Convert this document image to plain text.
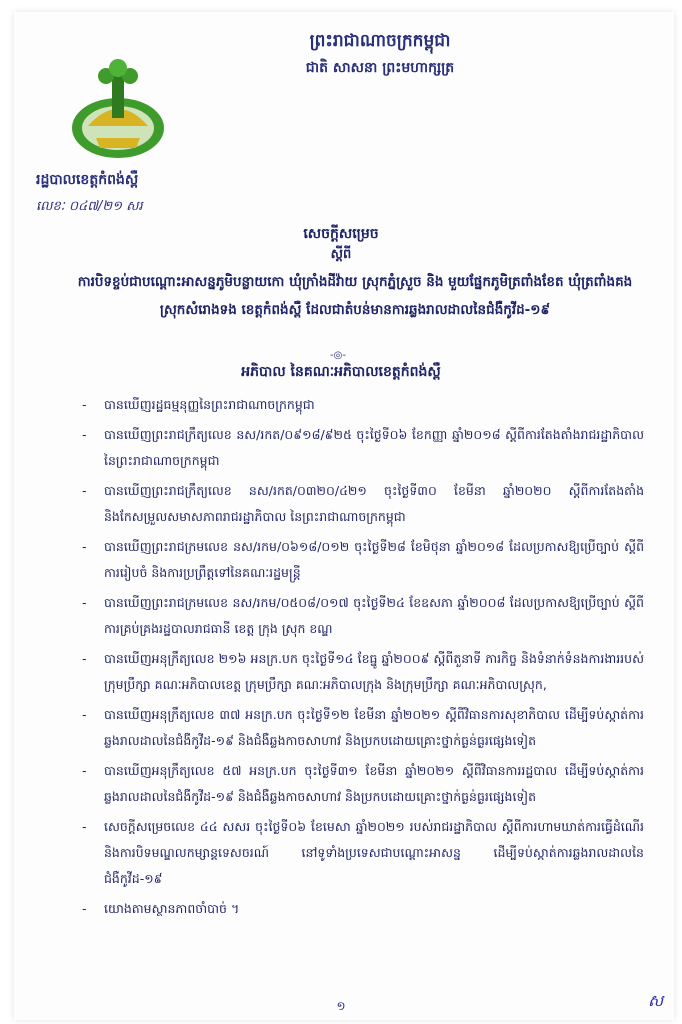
ព្រះរាជាណាចក្រកម្ពុជា
ជាតិ សាសនា ព្រះមហាក្សត្រ
រដ្ឋបាលខេត្តកំពង់ស្ពឺ
លេខៈ ០៤៧/២១ សរ
សេចក្ដីសម្រេច
ស្ដីពី
ការបិទខ្ចប់ជាបណ្ដោះអាសន្នភូមិបន្លាយកោ ឃុំក្រាំងដីវ៉ាយ ស្រុកភ្នំស្រួច និង មួយផ្នែកភូមិត្រពាំងខែត ឃុំត្រពាំងគង ស្រុកសំរោងទង ខេត្តកំពង់ស្ពឺ ដែលជាតំបន់មានការឆ្លងរាលដាលនៃជំងឺកូវីដ-១៩
-◎-
អភិបាល នៃគណៈអភិបាលខេត្តកំពង់ស្ពឺ
- បានឃើញរដ្ឋធម្មនុញ្ញនៃព្រះរាជាណាចក្រកម្ពុជា
- បានឃើញព្រះរាជក្រឹត្យលេខ នស/រកត/០៩១៨/៩២៥ ចុះថ្ងៃទី០៦ ខែកញ្ញា ឆ្នាំ២០១៨ ស្ដីពីការតែងតាំងរាជរដ្ឋាភិបាល នៃព្រះរាជាណាចក្រកម្ពុជា
- បានឃើញព្រះរាជក្រឹត្យលេខ នស/រកត/០៣២០/៤២១ ចុះថ្ងៃទី៣០ ខែមីនា ឆ្នាំ២០២០ ស្ដីពីការតែងតាំង និងកែសម្រួលសមាសភាពរាជរដ្ឋាភិបាល នៃព្រះរាជាណាចក្រកម្ពុជា
- បានឃើញព្រះរាជក្រមលេខ នស/រកម/០៦១៨/០១២ ចុះថ្ងៃទី២៨ ខែមិថុនា ឆ្នាំ២០១៨ ដែលប្រកាសឱ្យប្រើច្បាប់ ស្ដីពីការរៀបចំ និងការប្រព្រឹត្តទៅនៃគណៈរដ្ឋមន្ត្រី
- បានឃើញព្រះរាជក្រមលេខ នស/រកម/០៥០៨/០១៧ ចុះថ្ងៃទី២៤ ខែឧសភា ឆ្នាំ២០០៨ ដែលប្រកាសឱ្យប្រើច្បាប់ ស្ដីពីការគ្រប់គ្រងរដ្ឋបាលរាជធានី ខេត្ត ក្រុង ស្រុក ខណ្ឌ
- បានឃើញអនុក្រឹត្យលេខ ២១៦ អនក្រ.បក ចុះថ្ងៃទី១៤ ខែធ្នូ ឆ្នាំ២០០៩ ស្ដីពីតួនាទី ភារកិច្ច និងទំនាក់ទំនងការងាររបស់ក្រុមប្រឹក្សា គណៈអភិបាលខេត្ត ក្រុមប្រឹក្សា គណៈអភិបាលក្រុង និងក្រុមប្រឹក្សា គណៈអភិបាលស្រុក,
- បានឃើញអនុក្រឹត្យលេខ ៣៧ អនក្រ.បក ចុះថ្ងៃទី១២ ខែមីនា ឆ្នាំ២០២១ ស្ដីពីវិធានការសុខាភិបាល ដើម្បីទប់ស្កាត់ការឆ្លងរាលដាលនៃជំងឺកូវីដ-១៩ និងជំងឺឆ្លងកាចសាហាវ និងប្រកបដោយគ្រោះថ្នាក់ធ្ងន់ធ្ងរផ្សេងទៀត
- បានឃើញអនុក្រឹត្យលេខ ៥៧ អនក្រ.បក ចុះថ្ងៃទី៣១ ខែមីនា ឆ្នាំ២០២១ ស្ដីពីវិធានការរដ្ឋបាល ដើម្បីទប់ស្កាត់ការឆ្លងរាលដាលនៃជំងឺកូវីដ-១៩ និងជំងឺឆ្លងកាចសាហាវ និងប្រកបដោយគ្រោះថ្នាក់ធ្ងន់ធ្ងរផ្សេងទៀត
- សេចក្ដីសម្រេចលេខ ៤៤ សសរ ចុះថ្ងៃទី០៦ ខែមេសា ឆ្នាំ២០២១ របស់រាជរដ្ឋាភិបាល ស្ដីពីការហាមឃាត់ការធ្វើដំណើរ និងការបិទមណ្ឌលកម្សាន្តទេសចរណ៍ នៅទូទាំងប្រទេសជាបណ្ដោះអាសន្ន ដើម្បីទប់ស្កាត់ការឆ្លងរាលដាលនៃជំងឺកូវីដ-១៩
- យោងតាមស្ថានភាពចាំបាច់ ។
១	ស
